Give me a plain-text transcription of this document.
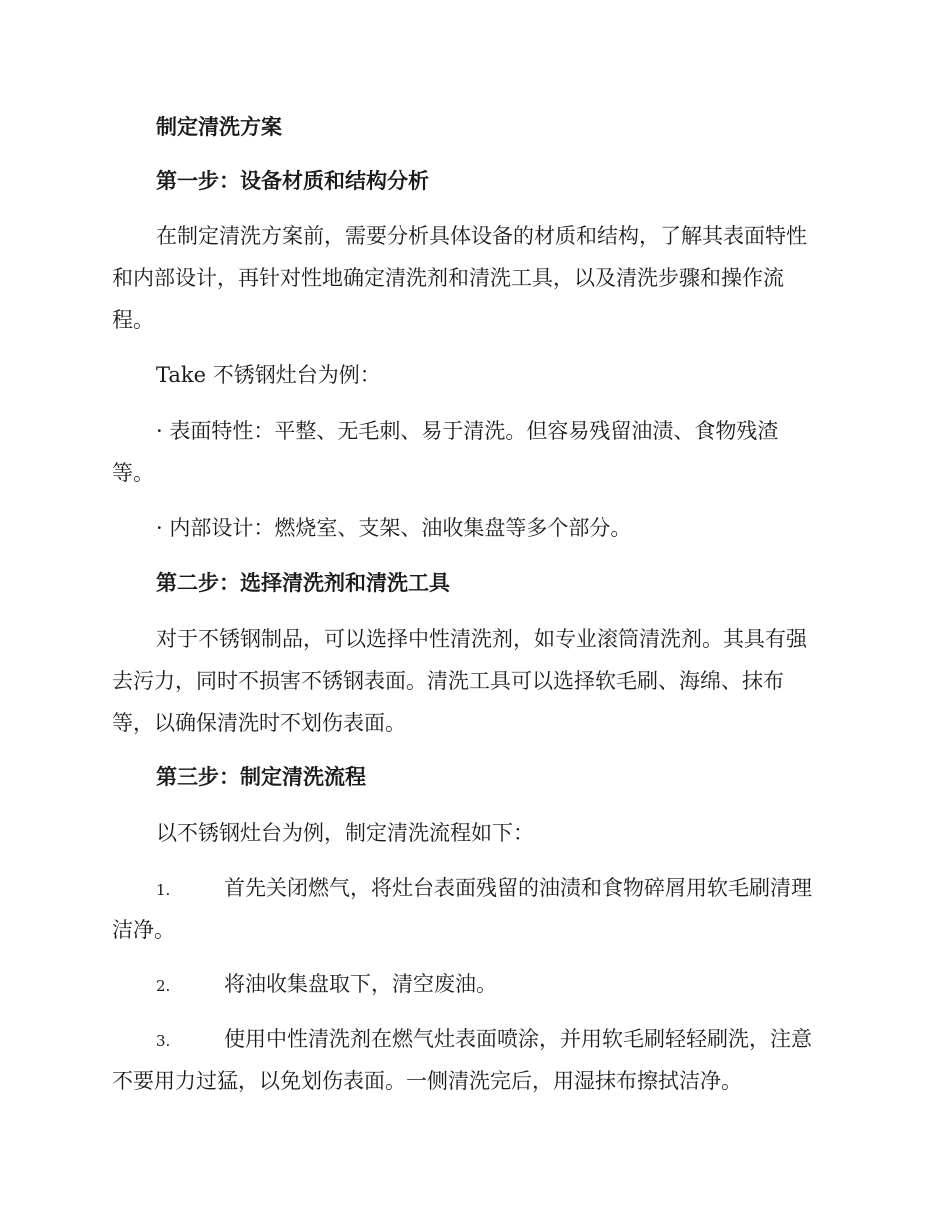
制定清洗方案
第一步：设备材质和结构分析
在制定清洗方案前，需要分析具体设备的材质和结构，了解其表面特性
和内部设计，再针对性地确定清洗剂和清洗工具，以及清洗步骤和操作流
程。
Take 不锈钢灶台为例：
· 表面特性：平整、无毛刺、易于清洗。但容易残留油渍、食物残渣
等。
· 内部设计：燃烧室、支架、油收集盘等多个部分。
第二步：选择清洗剂和清洗工具
对于不锈钢制品，可以选择中性清洗剂，如专业滚筒清洗剂。其具有强
去污力，同时不损害不锈钢表面。清洗工具可以选择软毛刷、海绵、抹布
等，以确保清洗时不划伤表面。
第三步：制定清洗流程
以不锈钢灶台为例，制定清洗流程如下：
1.	首先关闭燃气，将灶台表面残留的油渍和食物碎屑用软毛刷清理
洁净。
2.	将油收集盘取下，清空废油。
3.	使用中性清洗剂在燃气灶表面喷涂，并用软毛刷轻轻刷洗，注意
不要用力过猛，以免划伤表面。一侧清洗完后，用湿抹布擦拭洁净。
